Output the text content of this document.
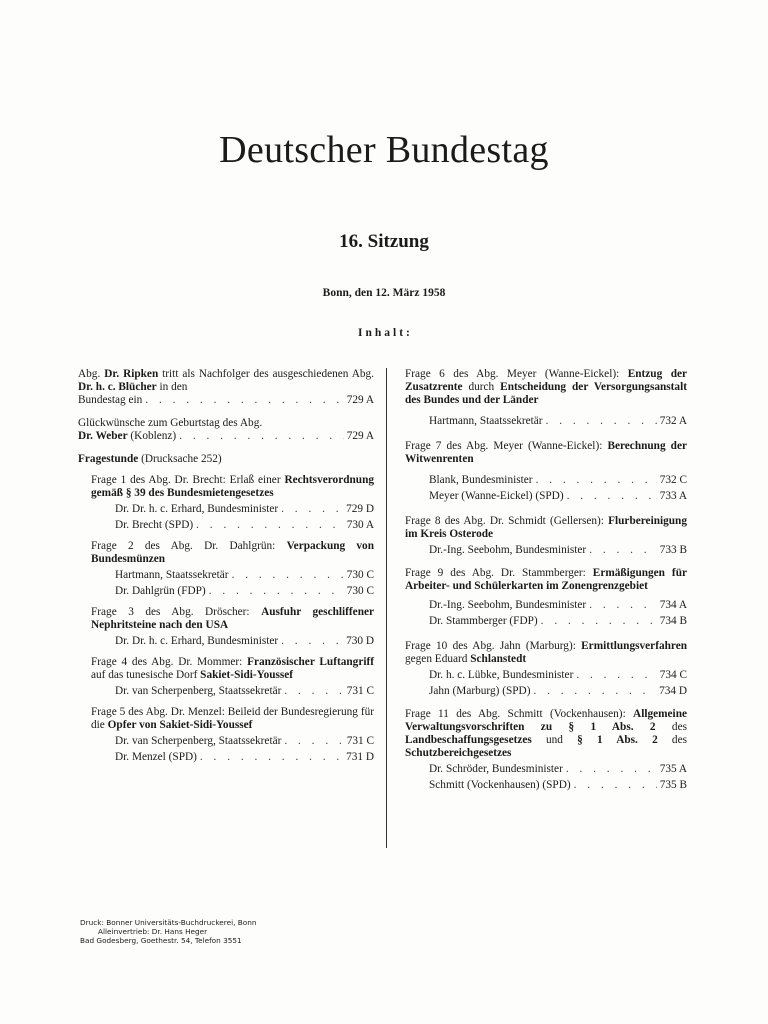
Deutscher Bundestag
16. Sitzung
Bonn, den 12. März 1958
Inhalt:
Abg. Dr. Ripken tritt als Nachfolger des ausgeschiedenen Abg. Dr. h. c. Blücher in den
Bundestag ein . . .	729 A
Glückwünsche zum Geburtstag des Abg.
Dr. Weber (Koblenz) . . .	729 A
Fragestunde (Drucksache 252)
Frage 1 des Abg. Dr. Brecht: Erlaß einer Rechtsverordnung gemäß § 39 des Bundesmietengesetzes
Dr. Dr. h. c. Erhard, Bundesminister . . .	729 D
Dr. Brecht (SPD) . . .	730 A
Frage 2 des Abg. Dr. Dahlgrün: Verpackung von Bundesmünzen
Hartmann, Staatssekretär . . .	730 C
Dr. Dahlgrün (FDP) . . .	730 C
Frage 3 des Abg. Dröscher: Ausfuhr geschliffener Nephritsteine nach den USA
Dr. Dr. h. c. Erhard, Bundesminister . . .	730 D
Frage 4 des Abg. Dr. Mommer: Französischer Luftangriff auf das tunesische Dorf Sakiet-Sidi-Youssef
Dr. van Scherpenberg, Staatssekretär . . .	731 C
Frage 5 des Abg. Dr. Menzel: Beileid der Bundesregierung für die Opfer von Sakiet-Sidi-Youssef
Dr. van Scherpenberg, Staatssekretär . . .	731 C
Dr. Menzel (SPD) . . .	731 D
Frage 6 des Abg. Meyer (Wanne-Eickel): Entzug der Zusatzrente durch Entscheidung der Versorgungsanstalt des Bundes und der Länder
Hartmann, Staatssekretär . . .	732 A
Frage 7 des Abg. Meyer (Wanne-Eickel): Berechnung der Witwenrenten
Blank, Bundesminister . . .	732 C
Meyer (Wanne-Eickel) (SPD) . . .	733 A
Frage 8 des Abg. Dr. Schmidt (Gellersen): Flurbereinigung im Kreis Osterode
Dr.-Ing. Seebohm, Bundesminister . . .	733 B
Frage 9 des Abg. Dr. Stammberger: Ermäßigungen für Arbeiter- und Schülerkarten im Zonengrenzgebiet
Dr.-Ing. Seebohm, Bundesminister . . .	734 A
Dr. Stammberger (FDP) . . .	734 B
Frage 10 des Abg. Jahn (Marburg): Ermittlungsverfahren gegen Eduard Schlanstedt
Dr. h. c. Lübke, Bundesminister . . .	734 C
Jahn (Marburg) (SPD) . . .	734 D
Frage 11 des Abg. Schmitt (Vockenhausen): Allgemeine Verwaltungsvorschriften zu § 1 Abs. 2 des Landbeschaffungsgesetzes und § 1 Abs. 2 des Schutzbereichgesetzes
Dr. Schröder, Bundesminister . . .	735 A
Schmitt (Vockenhausen) (SPD) . . .	735 B
Druck: Bonner Universitäts-Buchdruckerei, Bonn
Alleinvertrieb: Dr. Hans Heger
Bad Godesberg, Goethestr. 54, Telefon 3551
